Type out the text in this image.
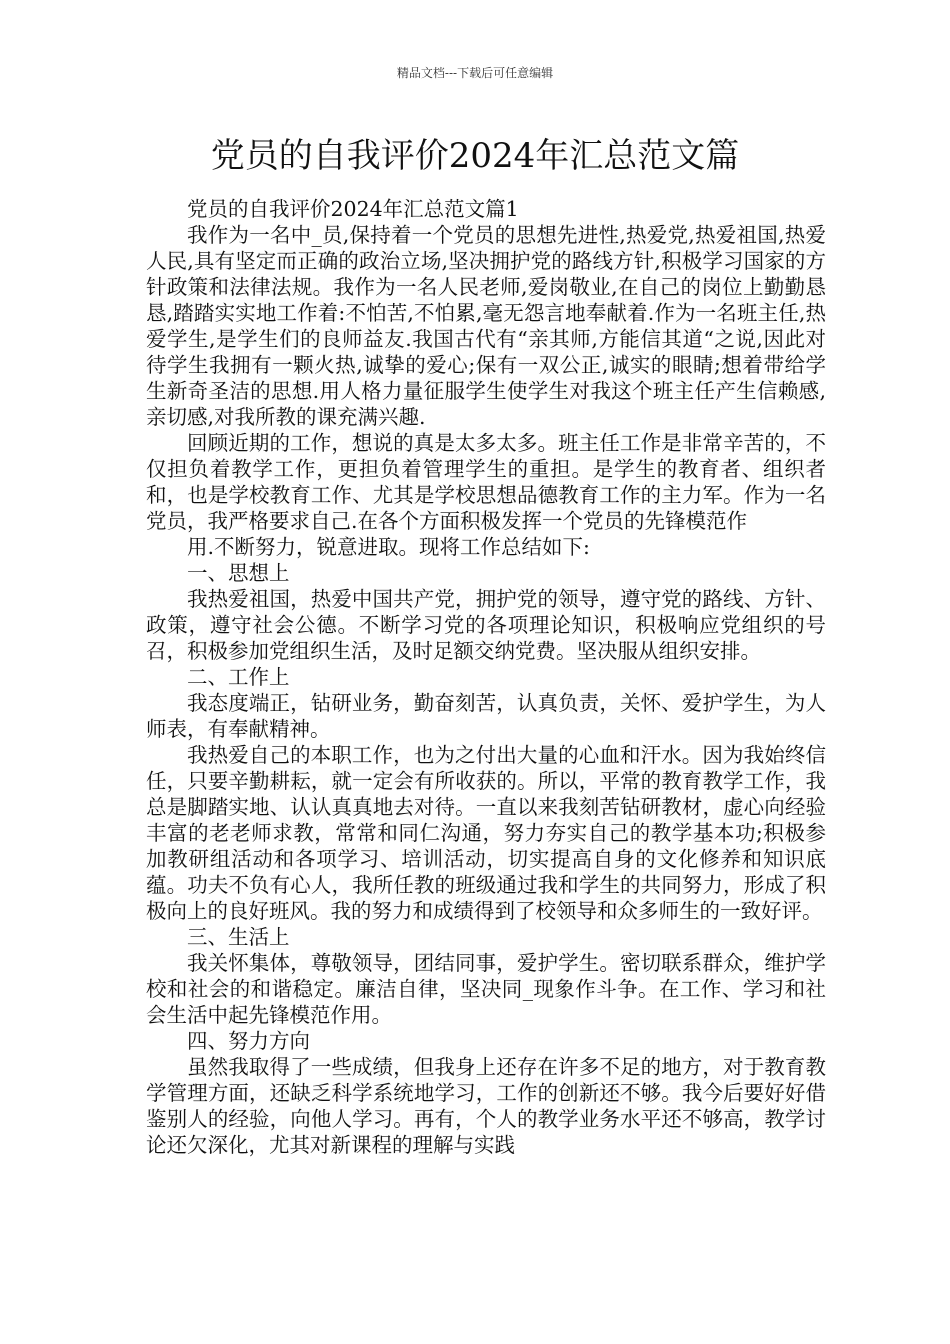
精品文档---下载后可任意编辑
党员的自我评价2024年汇总范文篇

党员的自我评价2024年汇总范文篇1

我作为一名中_员,保持着一个党员的思想先进性,热爱党,热爱祖国,热爱人民,具有坚定而正确的政治立场,坚决拥护党的路线方针,积极学习国家的方针政策和法律法规。我作为一名人民老师,爱岗敬业,在自己的岗位上勤勤恳恳,踏踏实实地工作着:不怕苦,不怕累,毫无怨言地奉献着.作为一名班主任,热爱学生,是学生们的良师益友.我国古代有“亲其师,方能信其道“之说,因此对待学生我拥有一颗火热,诚挚的爱心;保有一双公正,诚实的眼睛;想着带给学生新奇圣洁的思想.用人格力量征服学生使学生对我这个班主任产生信赖感,亲切感,对我所教的课充满兴趣.

回顾近期的工作，想说的真是太多太多。班主任工作是非常辛苦的，不仅担负着教学工作，更担负着管理学生的重担。是学生的教育者、组织者和，也是学校教育工作、尤其是学校思想品德教育工作的主力军。作为一名党员，我严格要求自己.在各个方面积极发挥一个党员的先锋模范作

用.不断努力，锐意进取。现将工作总结如下:

一、思想上

我热爱祖国，热爱中国共产党，拥护党的领导，遵守党的路线、方针、政策，遵守社会公德。不断学习党的各项理论知识，积极响应党组织的号召，积极参加党组织生活，及时足额交纳党费。坚决服从组织安排。

二、工作上

我态度端正，钻研业务，勤奋刻苦，认真负责，关怀、爱护学生，为人师表，有奉献精神。

我热爱自己的本职工作，也为之付出大量的心血和汗水。因为我始终信任，只要辛勤耕耘，就一定会有所收获的。所以，平常的教育教学工作，我总是脚踏实地、认认真真地去对待。一直以来我刻苦钻研教材，虚心向经验丰富的老老师求教，常常和同仁沟通，努力夯实自己的教学基本功;积极参加教研组活动和各项学习、培训活动，切实提高自身的文化修养和知识底蕴。功夫不负有心人，我所任教的班级通过我和学生的共同努力，形成了积极向上的良好班风。我的努力和成绩得到了校领导和众多师生的一致好评。

三、生活上

我关怀集体，尊敬领导，团结同事，爱护学生。密切联系群众，维护学校和社会的和谐稳定。廉洁自律，坚决同_现象作斗争。在工作、学习和社会生活中起先锋模范作用。

四、努力方向

虽然我取得了一些成绩，但我身上还存在许多不足的地方，对于教育教学管理方面，还缺乏科学系统地学习，工作的创新还不够。我今后要好好借鉴别人的经验，向他人学习。再有，个人的教学业务水平还不够高，教学讨论还欠深化，尤其对新课程的理解与实践
